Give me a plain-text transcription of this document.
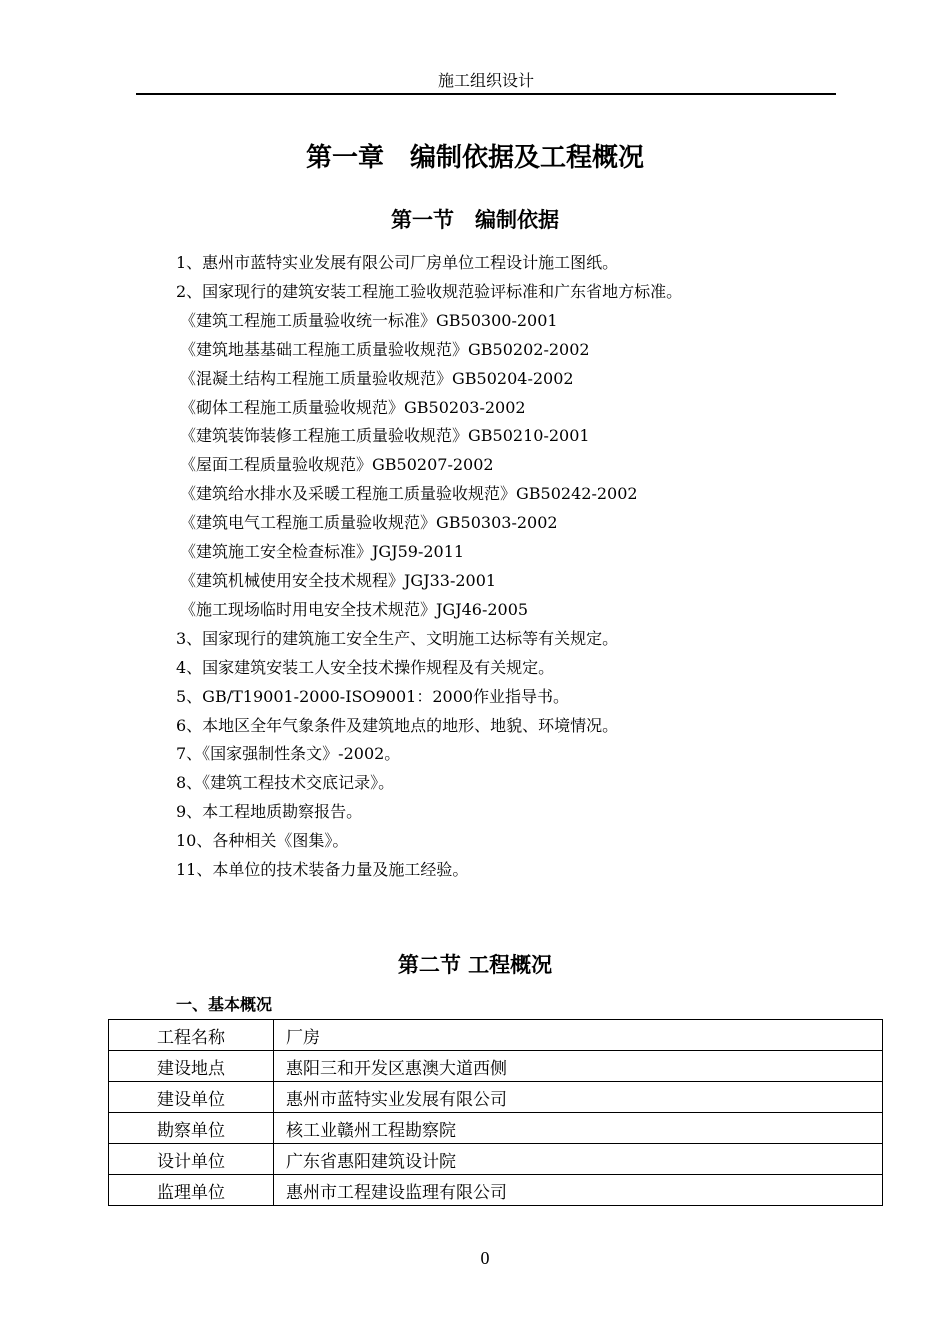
施工组织设计
第一章　编制依据及工程概况
第一节　编制依据
1、惠州市蓝特实业发展有限公司厂房单位工程设计施工图纸。
2、国家现行的建筑安装工程施工验收规范验评标准和广东省地方标准。
《建筑工程施工质量验收统一标准》GB50300-2001
《建筑地基基础工程施工质量验收规范》GB50202-2002
《混凝土结构工程施工质量验收规范》GB50204-2002
《砌体工程施工质量验收规范》GB50203-2002
《建筑装饰装修工程施工质量验收规范》GB50210-2001
《屋面工程质量验收规范》GB50207-2002
《建筑给水排水及采暖工程施工质量验收规范》GB50242-2002
《建筑电气工程施工质量验收规范》GB50303-2002
《建筑施工安全检查标准》JGJ59-2011
《建筑机械使用安全技术规程》JGJ33-2001
《施工现场临时用电安全技术规范》JGJ46-2005
3、国家现行的建筑施工安全生产、文明施工达标等有关规定。
4、国家建筑安装工人安全技术操作规程及有关规定。
5、GB/T19001-2000-ISO9001：2000作业指导书。
6、本地区全年气象条件及建筑地点的地形、地貌、环境情况。
7、《国家强制性条文》-2002。
8、《建筑工程技术交底记录》。
9、本工程地质勘察报告。
10、各种相关《图集》。
11、本单位的技术装备力量及施工经验。
第二节 工程概况
一、基本概况
工程名称	厂房
建设地点	惠阳三和开发区惠澳大道西侧
建设单位	惠州市蓝特实业发展有限公司
勘察单位	核工业赣州工程勘察院
设计单位	广东省惠阳建筑设计院
监理单位	惠州市工程建设监理有限公司
0
